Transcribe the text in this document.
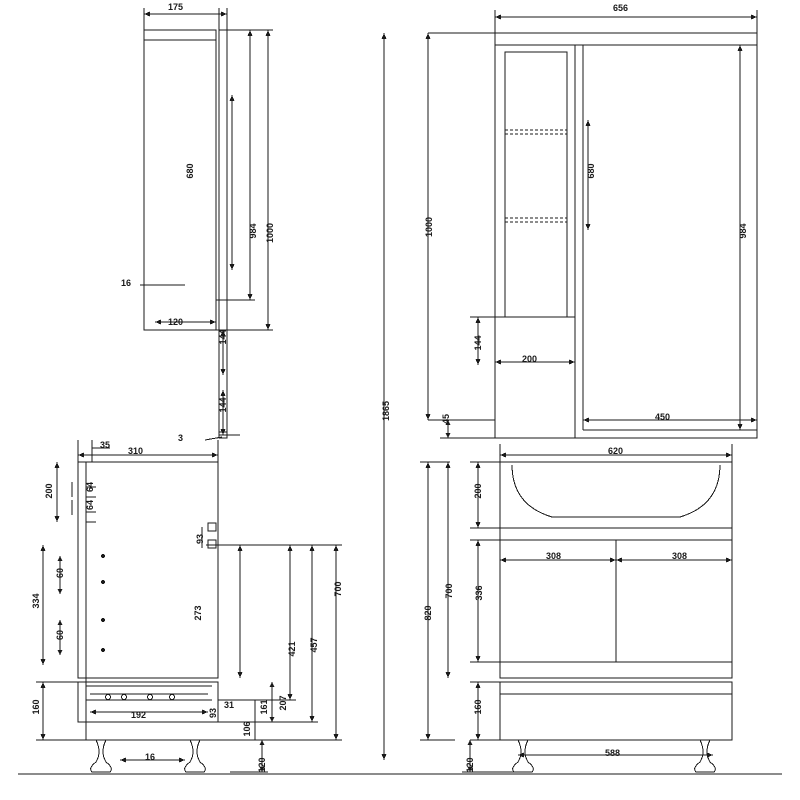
175
680
984 1000
16
120
144
144
3
656
680
984
1000
1865
144
200
450
45
35
310
200	64
64
334
60
60
160
93
273
421 457
700
31
93
106
161
192
207
120
16
620
200
308	308
336
700
820
160
588
120
